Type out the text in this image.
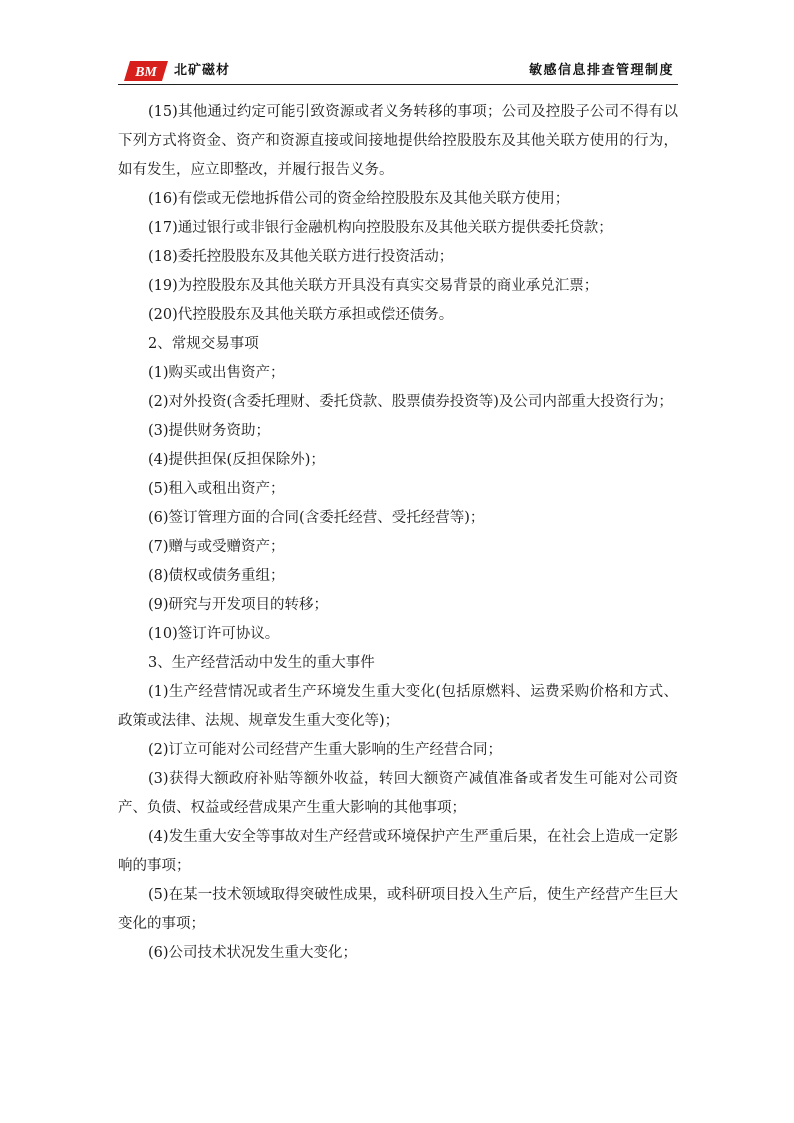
BM 北矿磁材	敏感信息排查管理制度

(15)其他通过约定可能引致资源或者义务转移的事项；公司及控股子公司不得有以下列方式将资金、资产和资源直接或间接地提供给控股股东及其他关联方使用的行为，如有发生，应立即整改，并履行报告义务。

(16)有偿或无偿地拆借公司的资金给控股股东及其他关联方使用；

(17)通过银行或非银行金融机构向控股股东及其他关联方提供委托贷款；

(18)委托控股股东及其他关联方进行投资活动；

(19)为控股股东及其他关联方开具没有真实交易背景的商业承兑汇票；

(20)代控股股东及其他关联方承担或偿还债务。

2、常规交易事项

(1)购买或出售资产；

(2)对外投资(含委托理财、委托贷款、股票债券投资等)及公司内部重大投资行为；

(3)提供财务资助；

(4)提供担保(反担保除外)；

(5)租入或租出资产；

(6)签订管理方面的合同(含委托经营、受托经营等)；

(7)赠与或受赠资产；

(8)债权或债务重组；

(9)研究与开发项目的转移；

(10)签订许可协议。

3、生产经营活动中发生的重大事件

(1)生产经营情况或者生产环境发生重大变化(包括原燃料、运费采购价格和方式、政策或法律、法规、规章发生重大变化等)；

(2)订立可能对公司经营产生重大影响的生产经营合同；

(3)获得大额政府补贴等额外收益，转回大额资产减值准备或者发生可能对公司资产、负债、权益或经营成果产生重大影响的其他事项；

(4)发生重大安全等事故对生产经营或环境保护产生严重后果，在社会上造成一定影响的事项；

(5)在某一技术领域取得突破性成果，或科研项目投入生产后，使生产经营产生巨大变化的事项；

(6)公司技术状况发生重大变化；
